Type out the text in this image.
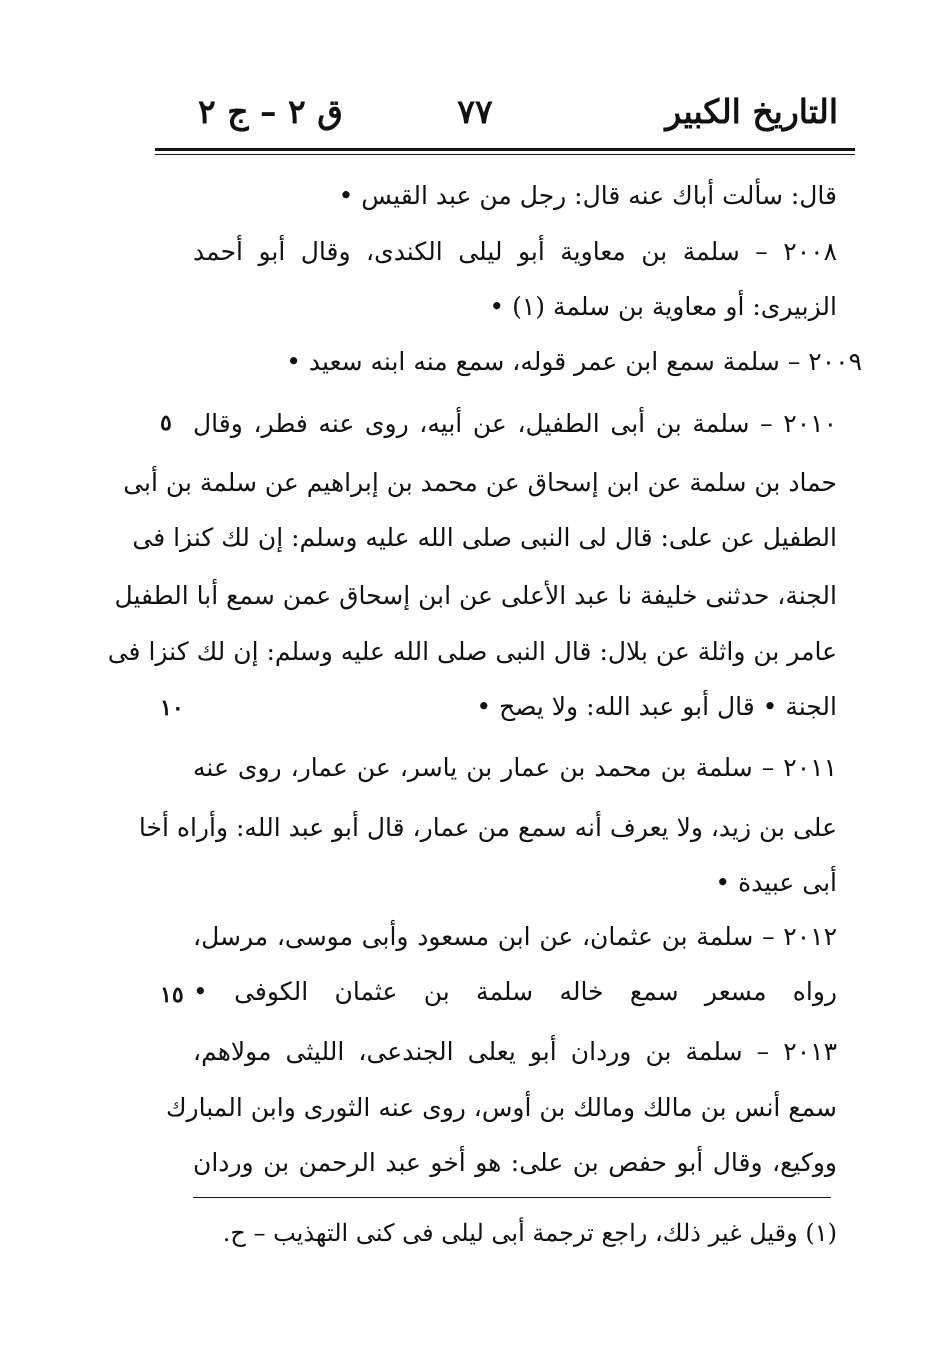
التاريخ الكبير
٧٧
ق ٢ – ج ٢
قال: سألت أباك عنه قال: رجل من عبد القيس •
٢٠٠٨ – سلمة بن معاوية أبو ليلى الكندى، وقال أبو أحمد
الزبيرى: أو معاوية بن سلمة (١) •
٢٠٠٩ – سلمة سمع ابن عمر قوله، سمع منه ابنه سعيد •
٢٠١٠ – سلمة بن أبى الطفيل، عن أبيه، روى عنه فطر، وقال
٥
حماد بن سلمة عن ابن إسحاق عن محمد بن إبراهيم عن سلمة بن أبى
الطفيل عن على: قال لى النبى صلى الله عليه وسلم: إن لك كنزا فى
الجنة، حدثنى خليفة نا عبد الأعلى عن ابن إسحاق عمن سمع أبا الطفيل
عامر بن واثلة عن بلال: قال النبى صلى الله عليه وسلم: إن لك كنزا فى
الجنة • قال أبو عبد الله: ولا يصح •
١٠
٢٠١١ – سلمة بن محمد بن عمار بن ياسر، عن عمار، روى عنه
على بن زيد، ولا يعرف أنه سمع من عمار، قال أبو عبد الله: وأراه أخا
أبى عبيدة •
٢٠١٢ – سلمة بن عثمان، عن ابن مسعود وأبى موسى، مرسل،
رواه مسعر سمع خاله سلمة بن عثمان الكوفى •
١٥
٢٠١٣ – سلمة بن وردان أبو يعلى الجندعى، الليثى مولاهم،
سمع أنس بن مالك ومالك بن أوس، روى عنه الثورى وابن المبارك
ووكيع، وقال أبو حفص بن على: هو أخو عبد الرحمن بن وردان
(١) وقيل غير ذلك، راجع ترجمة أبى ليلى فى كنى التهذيب – ح.
